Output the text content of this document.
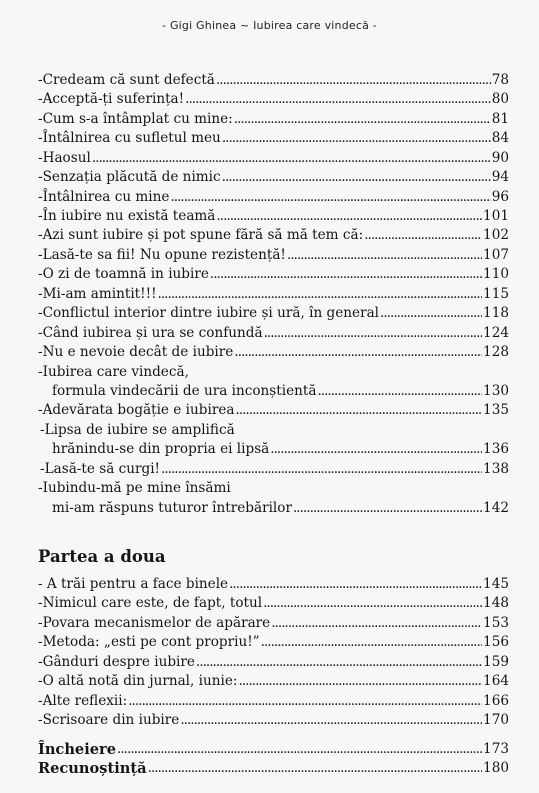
- Gigi Ghinea ~ Iubirea care vindecă -
-Credeam că sunt defectă .....	78
-Acceptă-ți suferința! .....	80
-Cum s-a întâmplat cu mine: .....	81
-Întâlnirea cu sufletul meu .....	84
-Haosul .....	90
-Senzația plăcută de nimic .....	94
-Întâlnirea cu mine .....	96
-În iubire nu există teamă .....	101
-Azi sunt iubire și pot spune fără să mă tem că: .....	102
-Lasă-te sa fii! Nu opune rezistență! .....	107
-O zi de toamnă in iubire .....	110
-Mi-am amintit!!! .....	115
-Conflictul interior dintre iubire și ură, în general .....	118
-Când iubirea și ura se confundă .....	124
-Nu e nevoie decât de iubire .....	128
-Iubirea care vindecă,
formula vindecării de ura inconștientă .....	130
-Adevărata bogăție e iubirea .....	135
-Lipsa de iubire se amplifică
hrănindu-se din propria ei lipsă .....	136
-Lasă-te să curgi! .....	138
-Iubindu-mă pe mine însămi
mi-am răspuns tuturor întrebărilor .....	142
Partea a doua
- A trăi pentru a face binele .....	145
-Nimicul care este, de fapt, totul .....	148
-Povara mecanismelor de apărare .....	153
-Metoda: „esti pe cont propriu!” .....	156
-Gânduri despre iubire .....	159
-O altă notă din jurnal, iunie: .....	164
-Alte reflexii: .....	166
-Scrisoare din iubire .....	170
Încheiere .....	173
Recunoștință .....	180
